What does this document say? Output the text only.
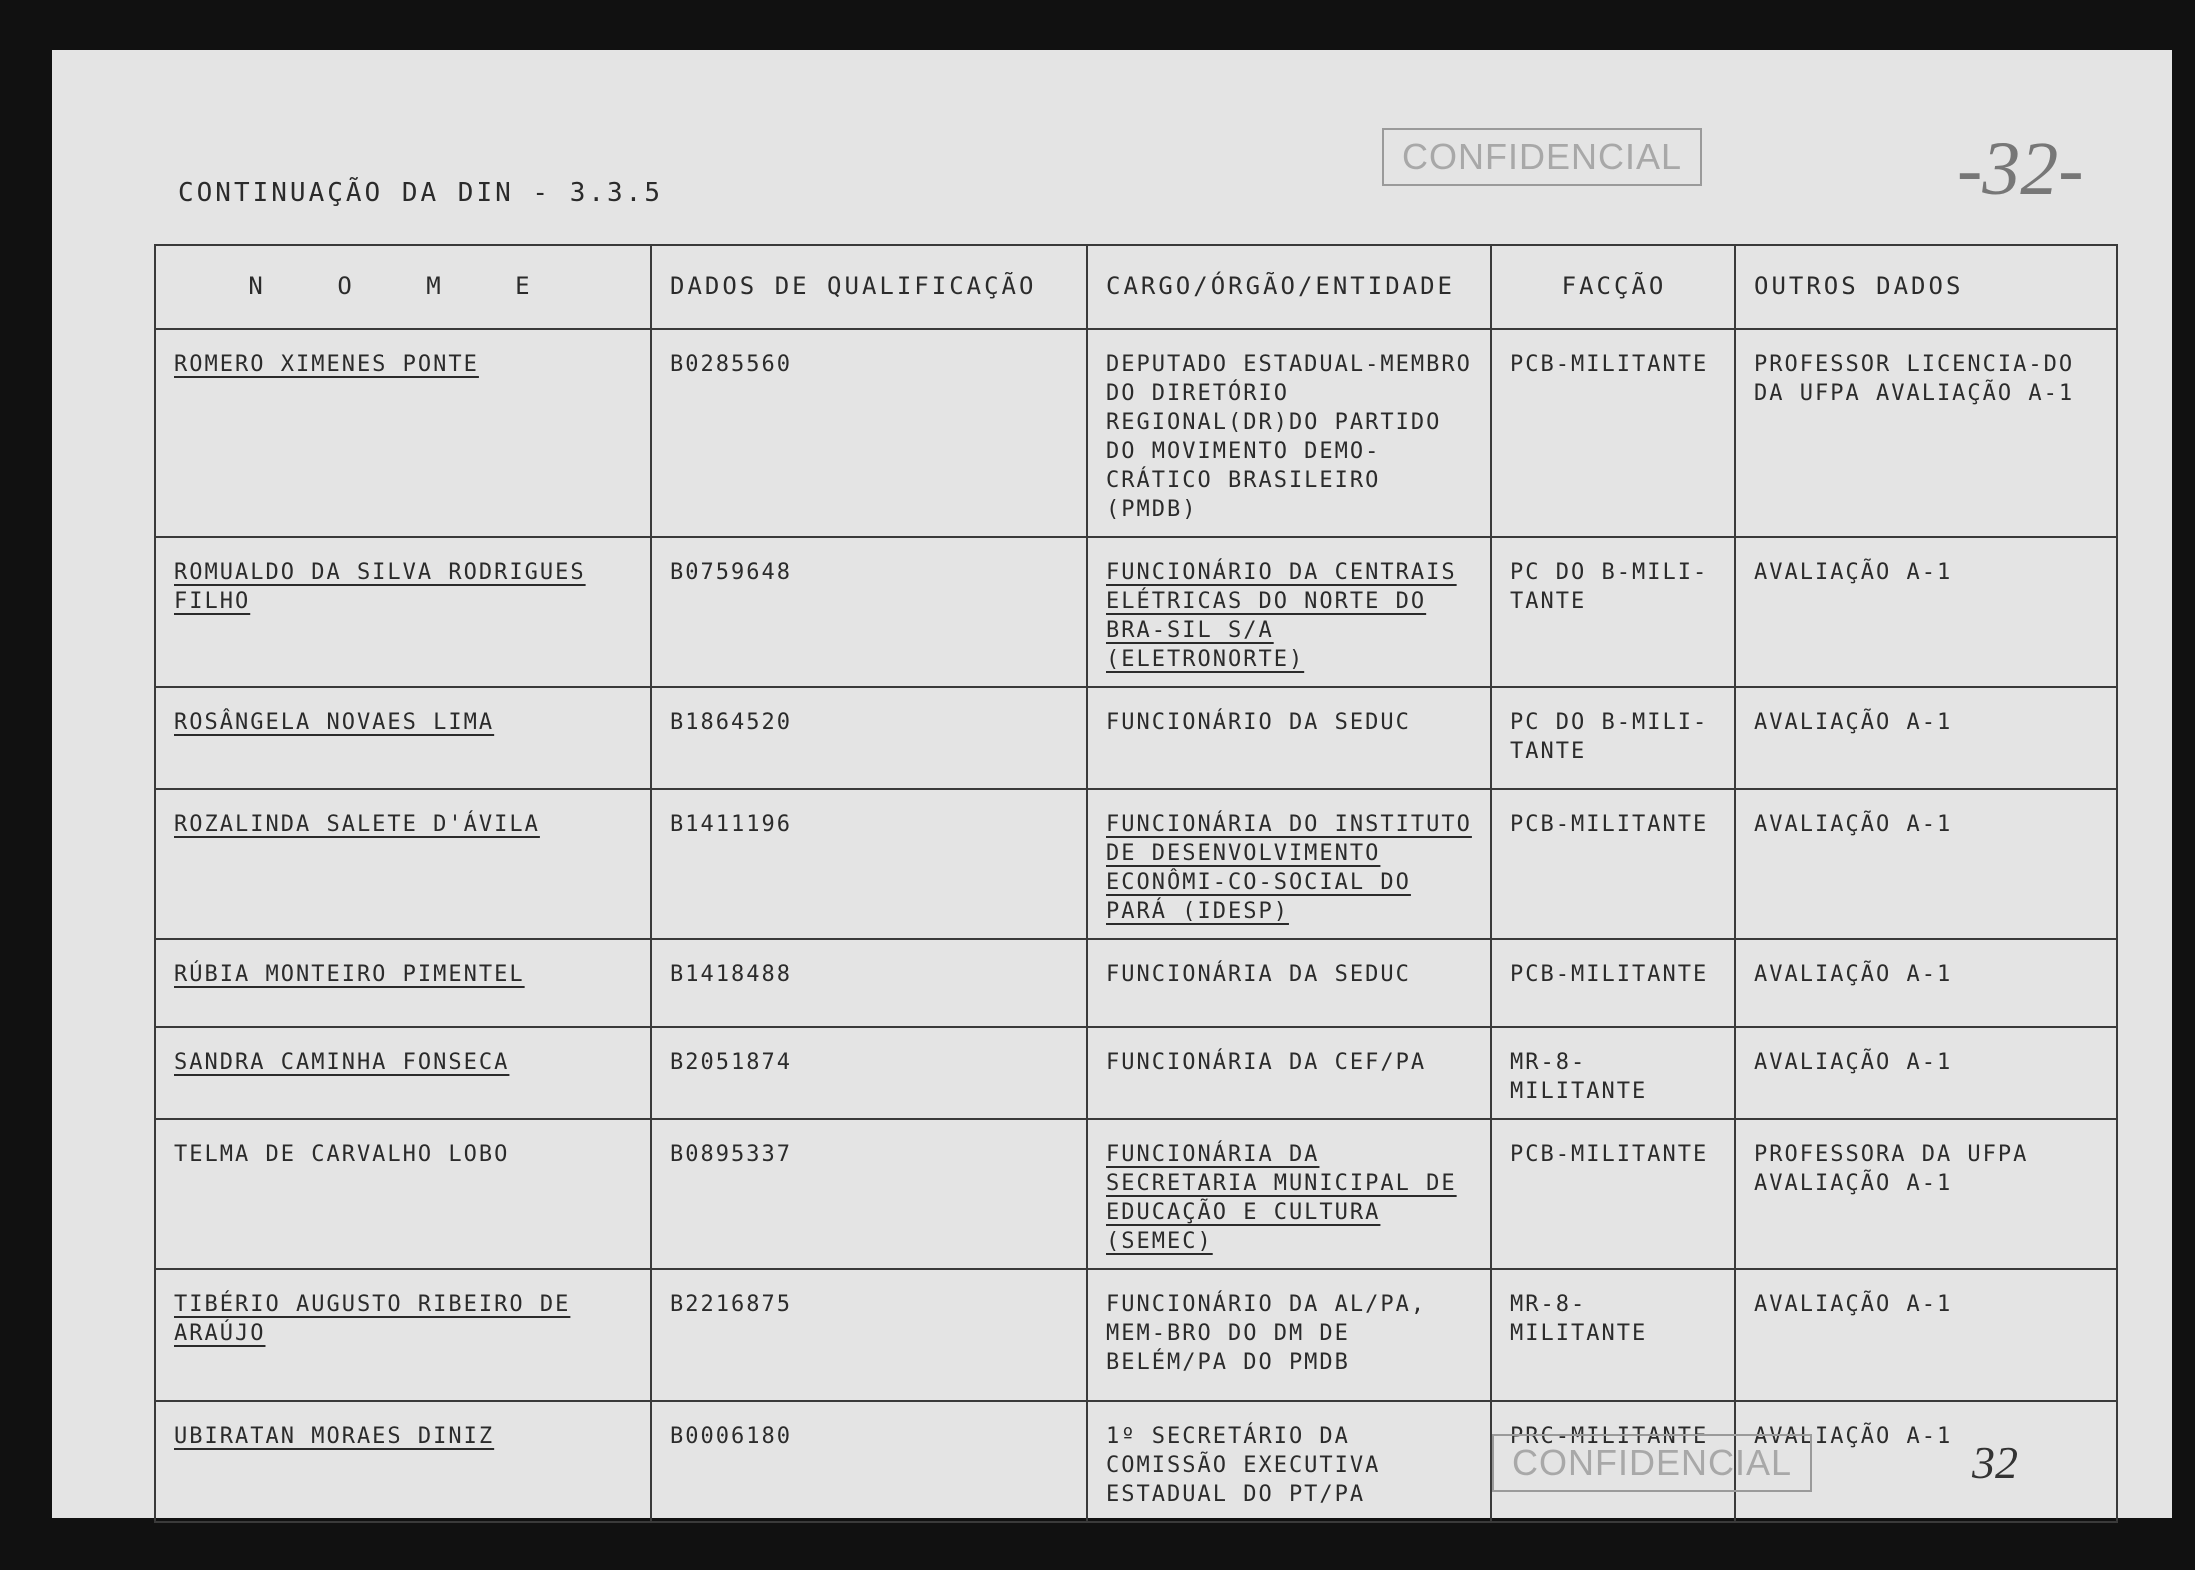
CONTINUAÇÃO DA DIN - 3.3.5
CONFIDENCIAL	-32-
N O M E	DADOS DE QUALIFICAÇÃO	CARGO/ÓRGÃO/ENTIDADE	FACÇÃO	OUTROS DADOS
ROMERO XIMENES PONTE	B0285560	DEPUTADO ESTADUAL-MEMBRO DO DIRETÓRIO REGIONAL(DR)DO PARTIDO DO MOVIMENTO DEMO-CRÁTICO BRASILEIRO (PMDB)	PCB-MILITANTE	PROFESSOR LICENCIA-DO DA UFPA AVALIAÇÃO A-1
ROMUALDO DA SILVA RODRIGUES FILHO	B0759648	FUNCIONÁRIO DA CENTRAIS ELÉTRICAS DO NORTE DO BRA-SIL S/A (ELETRONORTE)	PC DO B-MILI-TANTE	AVALIAÇÃO A-1
ROSÂNGELA NOVAES LIMA	B1864520	FUNCIONÁRIO DA SEDUC	PC DO B-MILI-TANTE	AVALIAÇÃO A-1
ROZALINDA SALETE D'ÁVILA	B1411196	FUNCIONÁRIA DO INSTITUTO DE DESENVOLVIMENTO ECONÔMI-CO-SOCIAL DO PARÁ (IDESP)	PCB-MILITANTE	AVALIAÇÃO A-1
RÚBIA MONTEIRO PIMENTEL	B1418488	FUNCIONÁRIA DA SEDUC	PCB-MILITANTE	AVALIAÇÃO A-1
SANDRA CAMINHA FONSECA	B2051874	FUNCIONÁRIA DA CEF/PA	MR-8-MILITANTE	AVALIAÇÃO A-1
TELMA DE CARVALHO LOBO	B0895337	FUNCIONÁRIA DA SECRETARIA MUNICIPAL DE EDUCAÇÃO E CULTURA (SEMEC)	PCB-MILITANTE	PROFESSORA DA UFPA AVALIAÇÃO A-1
TIBÉRIO AUGUSTO RIBEIRO DE ARAÚJO	B2216875	FUNCIONÁRIO DA AL/PA, MEM-BRO DO DM DE BELÉM/PA DO PMDB	MR-8-MILITANTE	AVALIAÇÃO A-1
UBIRATAN MORAES DINIZ	B0006180	1º SECRETÁRIO DA COMISSÃO EXECUTIVA ESTADUAL DO PT/PA	PRC-MILITANTE	AVALIAÇÃO A-1
CONFIDENCIAL	32
